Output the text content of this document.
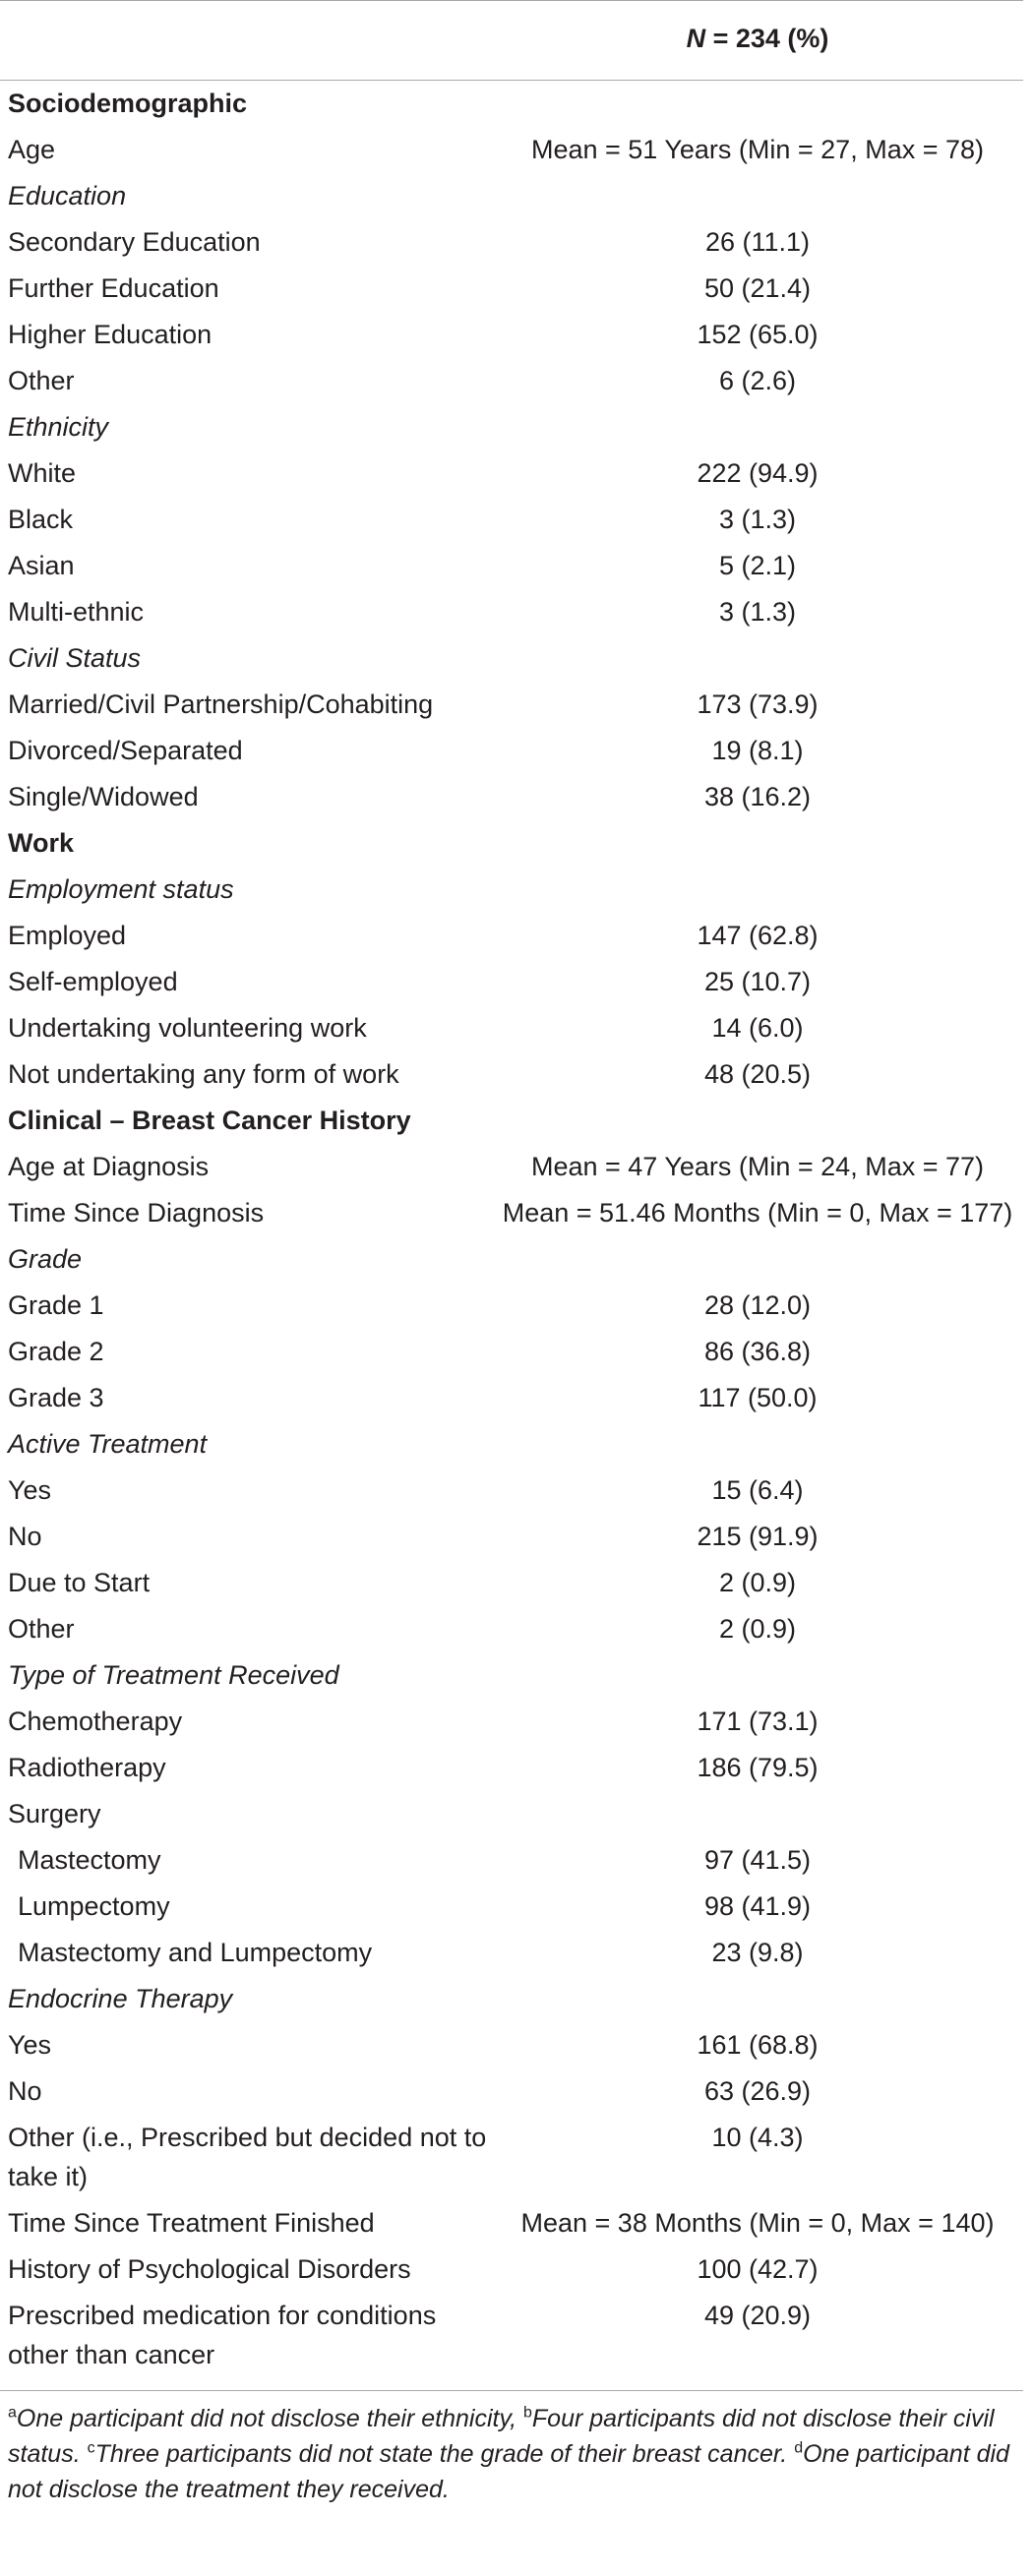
	N = 234 (%)
Sociodemographic	
Age	Mean = 51 Years (Min = 27, Max = 78)
Education	
Secondary Education	26 (11.1)
Further Education	50 (21.4)
Higher Education	152 (65.0)
Other	6 (2.6)
Ethnicity	
White	222 (94.9)
Black	3 (1.3)
Asian	5 (2.1)
Multi-ethnic	3 (1.3)
Civil Status	
Married/Civil Partnership/Cohabiting	173 (73.9)
Divorced/Separated	19 (8.1)
Single/Widowed	38 (16.2)
Work	
Employment status	
Employed	147 (62.8)
Self-employed	25 (10.7)
Undertaking volunteering work	14 (6.0)
Not undertaking any form of work	48 (20.5)
Clinical – Breast Cancer History	
Age at Diagnosis	Mean = 47 Years (Min = 24, Max = 77)
Time Since Diagnosis	Mean = 51.46 Months (Min = 0, Max = 177)
Grade	
Grade 1	28 (12.0)
Grade 2	86 (36.8)
Grade 3	117 (50.0)
Active Treatment	
Yes	15 (6.4)
No	215 (91.9)
Due to Start	2 (0.9)
Other	2 (0.9)
Type of Treatment Received	
Chemotherapy	171 (73.1)
Radiotherapy	186 (79.5)
Surgery	
Mastectomy	97 (41.5)
Lumpectomy	98 (41.9)
Mastectomy and Lumpectomy	23 (9.8)
Endocrine Therapy	
Yes	161 (68.8)
No	63 (26.9)
Other (i.e., Prescribed but decided not to take it)	10 (4.3)
Time Since Treatment Finished	Mean = 38 Months (Min = 0, Max = 140)
History of Psychological Disorders	100 (42.7)
Prescribed medication for conditions other than cancer	49 (20.9)
$^a$One participant did not disclose their ethnicity, $^b$Four participants did not disclose their civil status. $^c$Three participants did not state the grade of their breast cancer. $^d$One participant did not disclose the treatment they received.
